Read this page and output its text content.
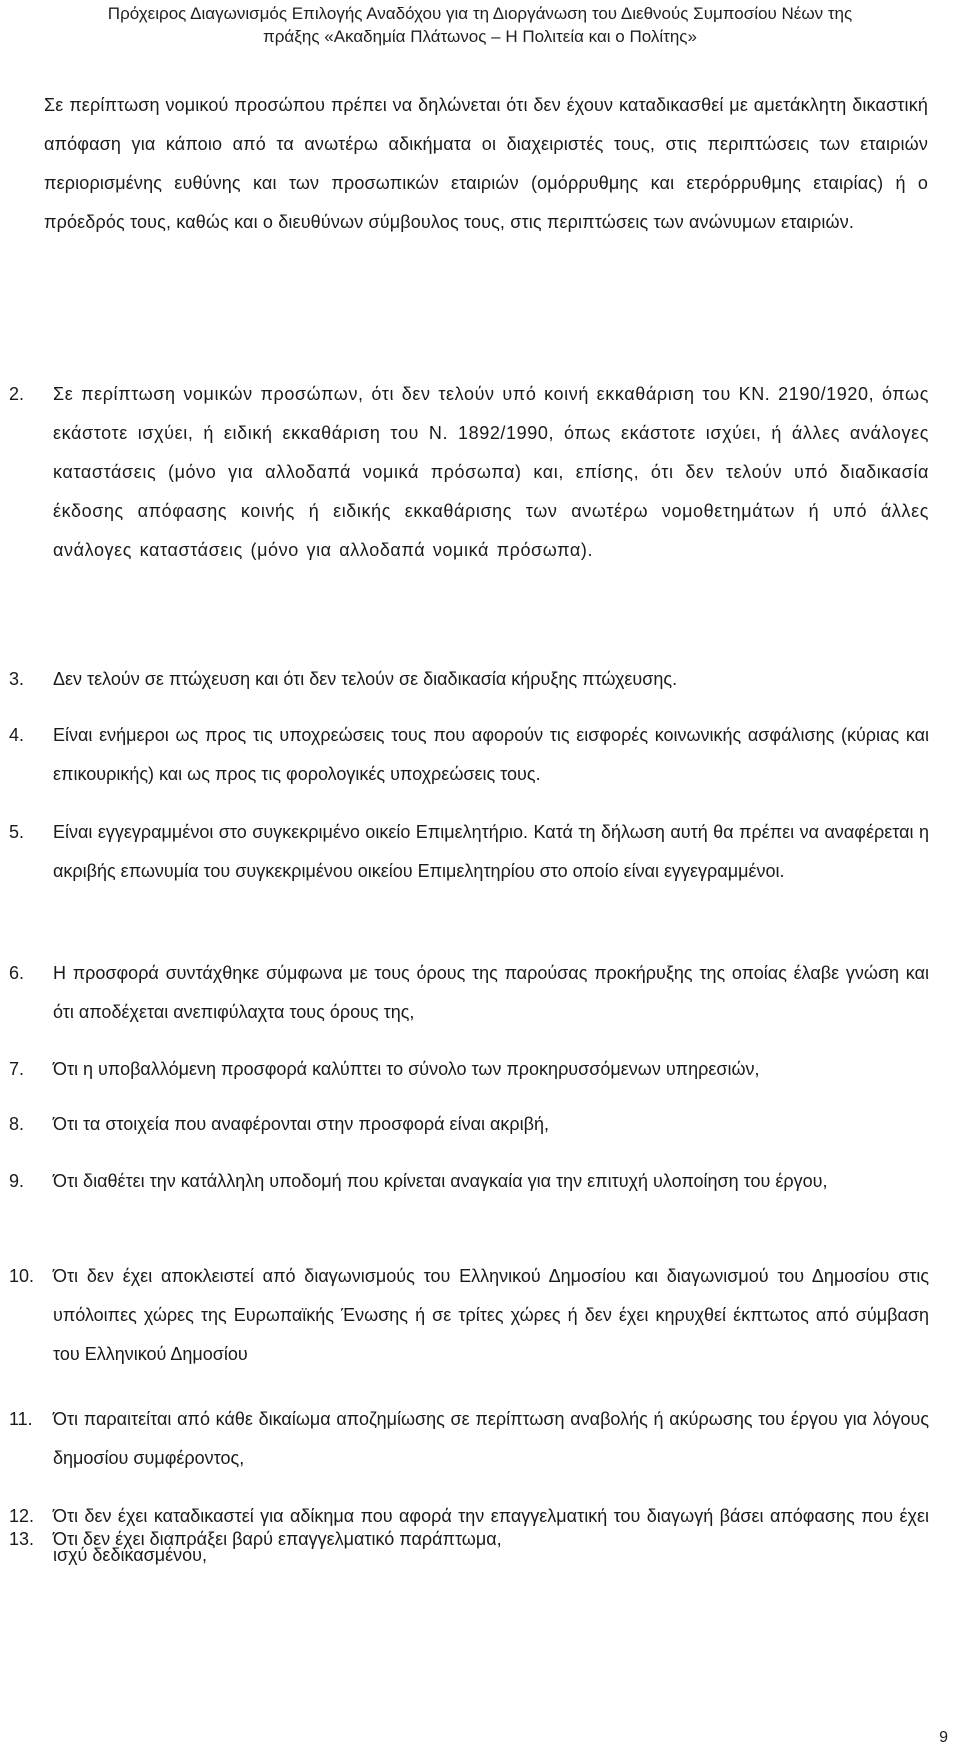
Πρόχειρος Διαγωνισμός Επιλογής Αναδόχου για τη Διοργάνωση του Διεθνούς Συμποσίου Νέων της
πράξης «Ακαδημία Πλάτωνος – Η Πολιτεία και ο Πολίτης»
Σε περίπτωση νομικού προσώπου πρέπει να δηλώνεται ότι δεν έχουν καταδικασθεί με αμετάκλητη δικαστική απόφαση για κάποιο από τα ανωτέρω αδικήματα οι διαχειριστές τους, στις περιπτώσεις των εταιριών περιορισμένης ευθύνης και των προσωπικών εταιριών (ομόρρυθμης και ετερόρρυθμης εταιρίας) ή ο πρόεδρός τους, καθώς και ο διευθύνων σύμβουλος τους, στις περιπτώσεις των ανώνυμων εταιριών.
2.	Σε περίπτωση νομικών προσώπων, ότι δεν τελούν υπό κοινή εκκαθάριση του ΚΝ. 2190/1920, όπως εκάστοτε ισχύει, ή ειδική εκκαθάριση του Ν. 1892/1990, όπως εκάστοτε ισχύει, ή άλλες ανάλογες καταστάσεις (μόνο για αλλοδαπά νομικά πρόσωπα) και, επίσης, ότι δεν τελούν υπό διαδικασία έκδοσης απόφασης κοινής ή ειδικής εκκαθάρισης των ανωτέρω νομοθετημάτων ή υπό άλλες ανάλογες καταστάσεις (μόνο για αλλοδαπά νομικά πρόσωπα).
3.	Δεν τελούν σε πτώχευση και ότι δεν τελούν σε διαδικασία κήρυξης πτώχευσης.
4.	Είναι ενήμεροι ως προς τις υποχρεώσεις τους που αφορούν τις εισφορές κοινωνικής ασφάλισης (κύριας και επικουρικής) και ως προς τις φορολογικές υποχρεώσεις τους.
5.	Είναι εγγεγραμμένοι στο συγκεκριμένο οικείο Επιμελητήριο. Κατά τη δήλωση αυτή θα πρέπει να αναφέρεται η ακριβής επωνυμία του συγκεκριμένου οικείου Επιμελητηρίου στο οποίο είναι εγγεγραμμένοι.
6.	Η προσφορά συντάχθηκε σύμφωνα με τους όρους της παρούσας προκήρυξης της οποίας έλαβε γνώση και ότι αποδέχεται ανεπιφύλαχτα τους όρους της,
7.	Ότι η υποβαλλόμενη προσφορά καλύπτει το σύνολο των προκηρυσσόμενων υπηρεσιών,
8.	Ότι τα στοιχεία που αναφέρονται στην προσφορά είναι ακριβή,
9.	Ότι διαθέτει την κατάλληλη υποδομή που κρίνεται αναγκαία για την επιτυχή υλοποίηση του έργου,
10.	Ότι δεν έχει αποκλειστεί από διαγωνισμούς του Ελληνικού Δημοσίου και διαγωνισμού του Δημοσίου στις υπόλοιπες χώρες της Ευρωπαϊκής Ένωσης ή σε τρίτες χώρες ή δεν έχει κηρυχθεί έκπτωτος από σύμβαση του Ελληνικού Δημοσίου
11.	Ότι παραιτείται από κάθε δικαίωμα αποζημίωσης σε περίπτωση αναβολής ή ακύρωσης του έργου για λόγους δημοσίου συμφέροντος,
12.	Ότι δεν έχει καταδικαστεί για αδίκημα που αφορά την επαγγελματική του διαγωγή βάσει απόφασης που έχει ισχύ δεδικασμένου,
13.	Ότι δεν έχει διαπράξει βαρύ επαγγελματικό παράπτωμα,
9
